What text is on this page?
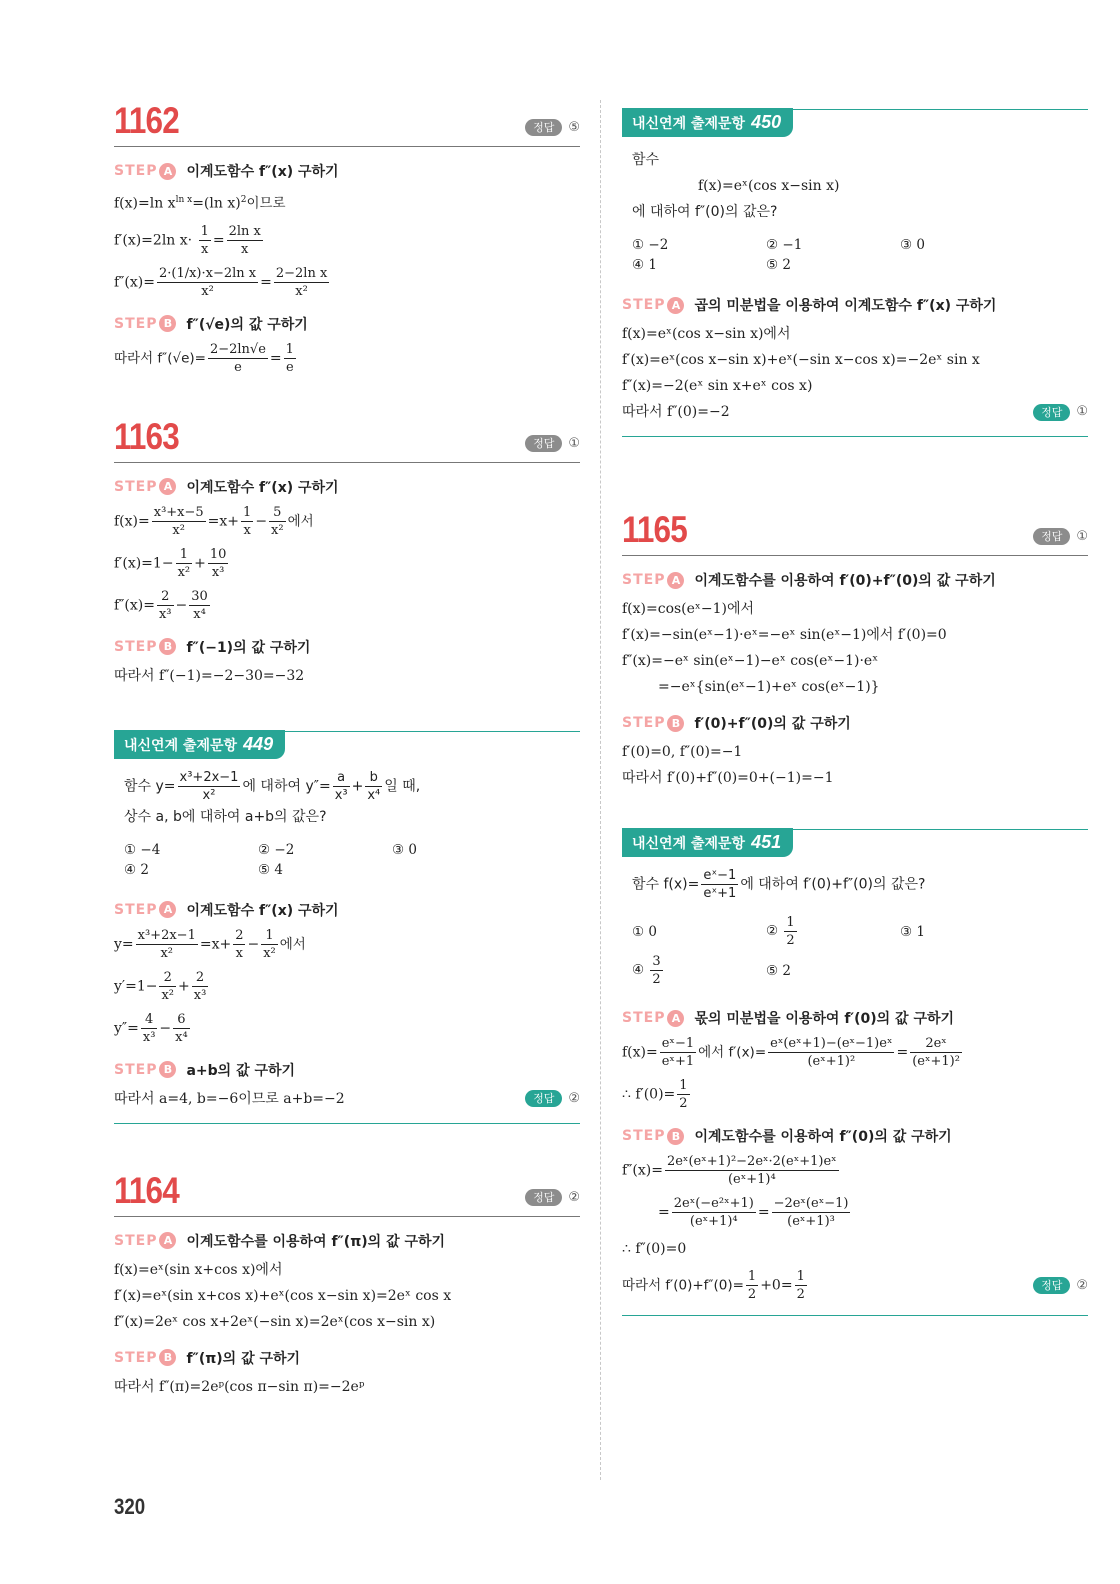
1162	정답	⑤
STEP A	이계도함수 f″(x) 구하기
f(x)=ln $x^{ln x}=(\ln$ x)$^2$이므로
f′(x)=2ln $x\cdot \frac{1}{x} = \frac{\text{2ln x}}{x}$
$f''(x)= \frac{\text{2·(1/x)·x−2ln x}}{\text{x²}} = \frac{\text{2−2ln x}}{\text{x²}}$
STEP B	f″(√e)의 값 구하기
따라서 $f''(√e)= \frac{2-2\ln√e}{e} = \frac{1}{e}$
1163	정답	①
STEP A	이계도함수 f″(x) 구하기
$f(x)= \frac{\text{x³+x−5}}{\text{x²}} =x+ \frac{1}{x} - \frac{5}{\text{x²}}$ 에서
$f'(x)=1- \frac{1}{\text{x²}} + \frac{10}{\text{x³}}$
$f''(x)= \frac{2}{\text{x³}} - \frac{30}{\text{x⁴}}$
STEP B	f″(−1)의 값 구하기
따라서 f″(−1)=−2−30=−32
내신연계 출제문항 449
함수 $y= \frac{\text{x³+2x−1}}{\text{x²}}$ 에 대하여 $y''= \frac{a}{\text{x³}} + \frac{b}{\text{x⁴}}$ 일 때,
상수 a, b에 대하여 a+b의 값은?
① −4	② −2	③ 0
④ 2	⑤ 4
STEP A	이계도함수 f″(x) 구하기
$y= \frac{\text{x³+2x−1}}{\text{x²}} =x+ \frac{2}{x} - \frac{1}{\text{x²}}$ 에서
$y'=1- \frac{2}{\text{x²}} + \frac{2}{\text{x³}}$
$y''= \frac{4}{\text{x³}} - \frac{6}{\text{x⁴}}$
STEP B	a+b의 값 구하기
따라서 a=4, b=−6이므로 a+b=−2	정답	②
1164	정답	②
STEP A	이계도함수를 이용하여 f″(π)의 값 구하기
f(x)=eˣ(sin x+cos x)에서
f′(x)=eˣ(sin x+cos x)+eˣ(cos x−sin x)=2eˣ cos x
f″(x)=2eˣ cos x+2eˣ(−sin x)=2eˣ(cos x−sin x)
STEP B	f″(π)의 값 구하기
따라서 f″(π)=2eᵖ(cos π−sin π)=−2eᵖ
내신연계 출제문항 450
함수
f(x)=eˣ(cos x−sin x)
에 대하여 f″(0)의 값은?
① −2	② −1	③ 0
④ 1	⑤ 2
STEP A	곱의 미분법을 이용하여 이계도함수 f″(x) 구하기
f(x)=eˣ(cos x−sin x)에서
f′(x)=eˣ(cos x−sin x)+eˣ(−sin x−cos x)=−2eˣ sin x
f″(x)=−2(eˣ sin x+eˣ cos x)
따라서 f″(0)=−2	정답	①
1165	정답	①
STEP A	이계도함수를 이용하여 f′(0)+f″(0)의 값 구하기
f(x)=cos(eˣ−1)에서
f′(x)=−sin(eˣ−1)·eˣ=−eˣ sin(eˣ−1)에서 f′(0)=0
f″(x)=−eˣ sin(eˣ−1)−eˣ cos(eˣ−1)·eˣ
=−eˣ{sin(eˣ−1)+eˣ cos(eˣ−1)}
STEP B	f′(0)+f″(0)의 값 구하기
f′(0)=0, f″(0)=−1
따라서 f′(0)+f″(0)=0+(−1)=−1
내신연계 출제문항 451
함수 $f(x)= \frac{\text{eˣ−1}}{\text{eˣ+1}}$ 에 대하여 f′(0)+f″(0)의 값은?
① 0	② $\frac{1}{2}$	③ 1
④ $\frac{3}{2}$	⑤ 2
STEP A	몫의 미분법을 이용하여 f′(0)의 값 구하기
$f(x)= \frac{\text{eˣ−1}}{\text{eˣ+1}}$ 에서 $f'(x)= \frac{\text{eˣ(eˣ+1)−(eˣ−1)eˣ}}{\text{(eˣ+1)²}} = \frac{\text{2eˣ}}{\text{(eˣ+1)²}}$
∴ $f'(0)= \frac{1}{2}$
STEP B	이계도함수를 이용하여 f″(0)의 값 구하기
$f''(x)= \frac{\text{2eˣ(eˣ+1)²−2eˣ·2(eˣ+1)eˣ}}{\text{(eˣ+1)⁴}}$
= $\frac{\text{2eˣ(−e²ˣ+1)}}{\text{(eˣ+1)⁴}} = \frac{\text{−2eˣ(eˣ−1)}}{\text{(eˣ+1)³}}$
∴ f″(0)=0
따라서 $f'(0)+f''(0)= \frac{1}{2} +0= \frac{1}{2}$	정답	②
320
